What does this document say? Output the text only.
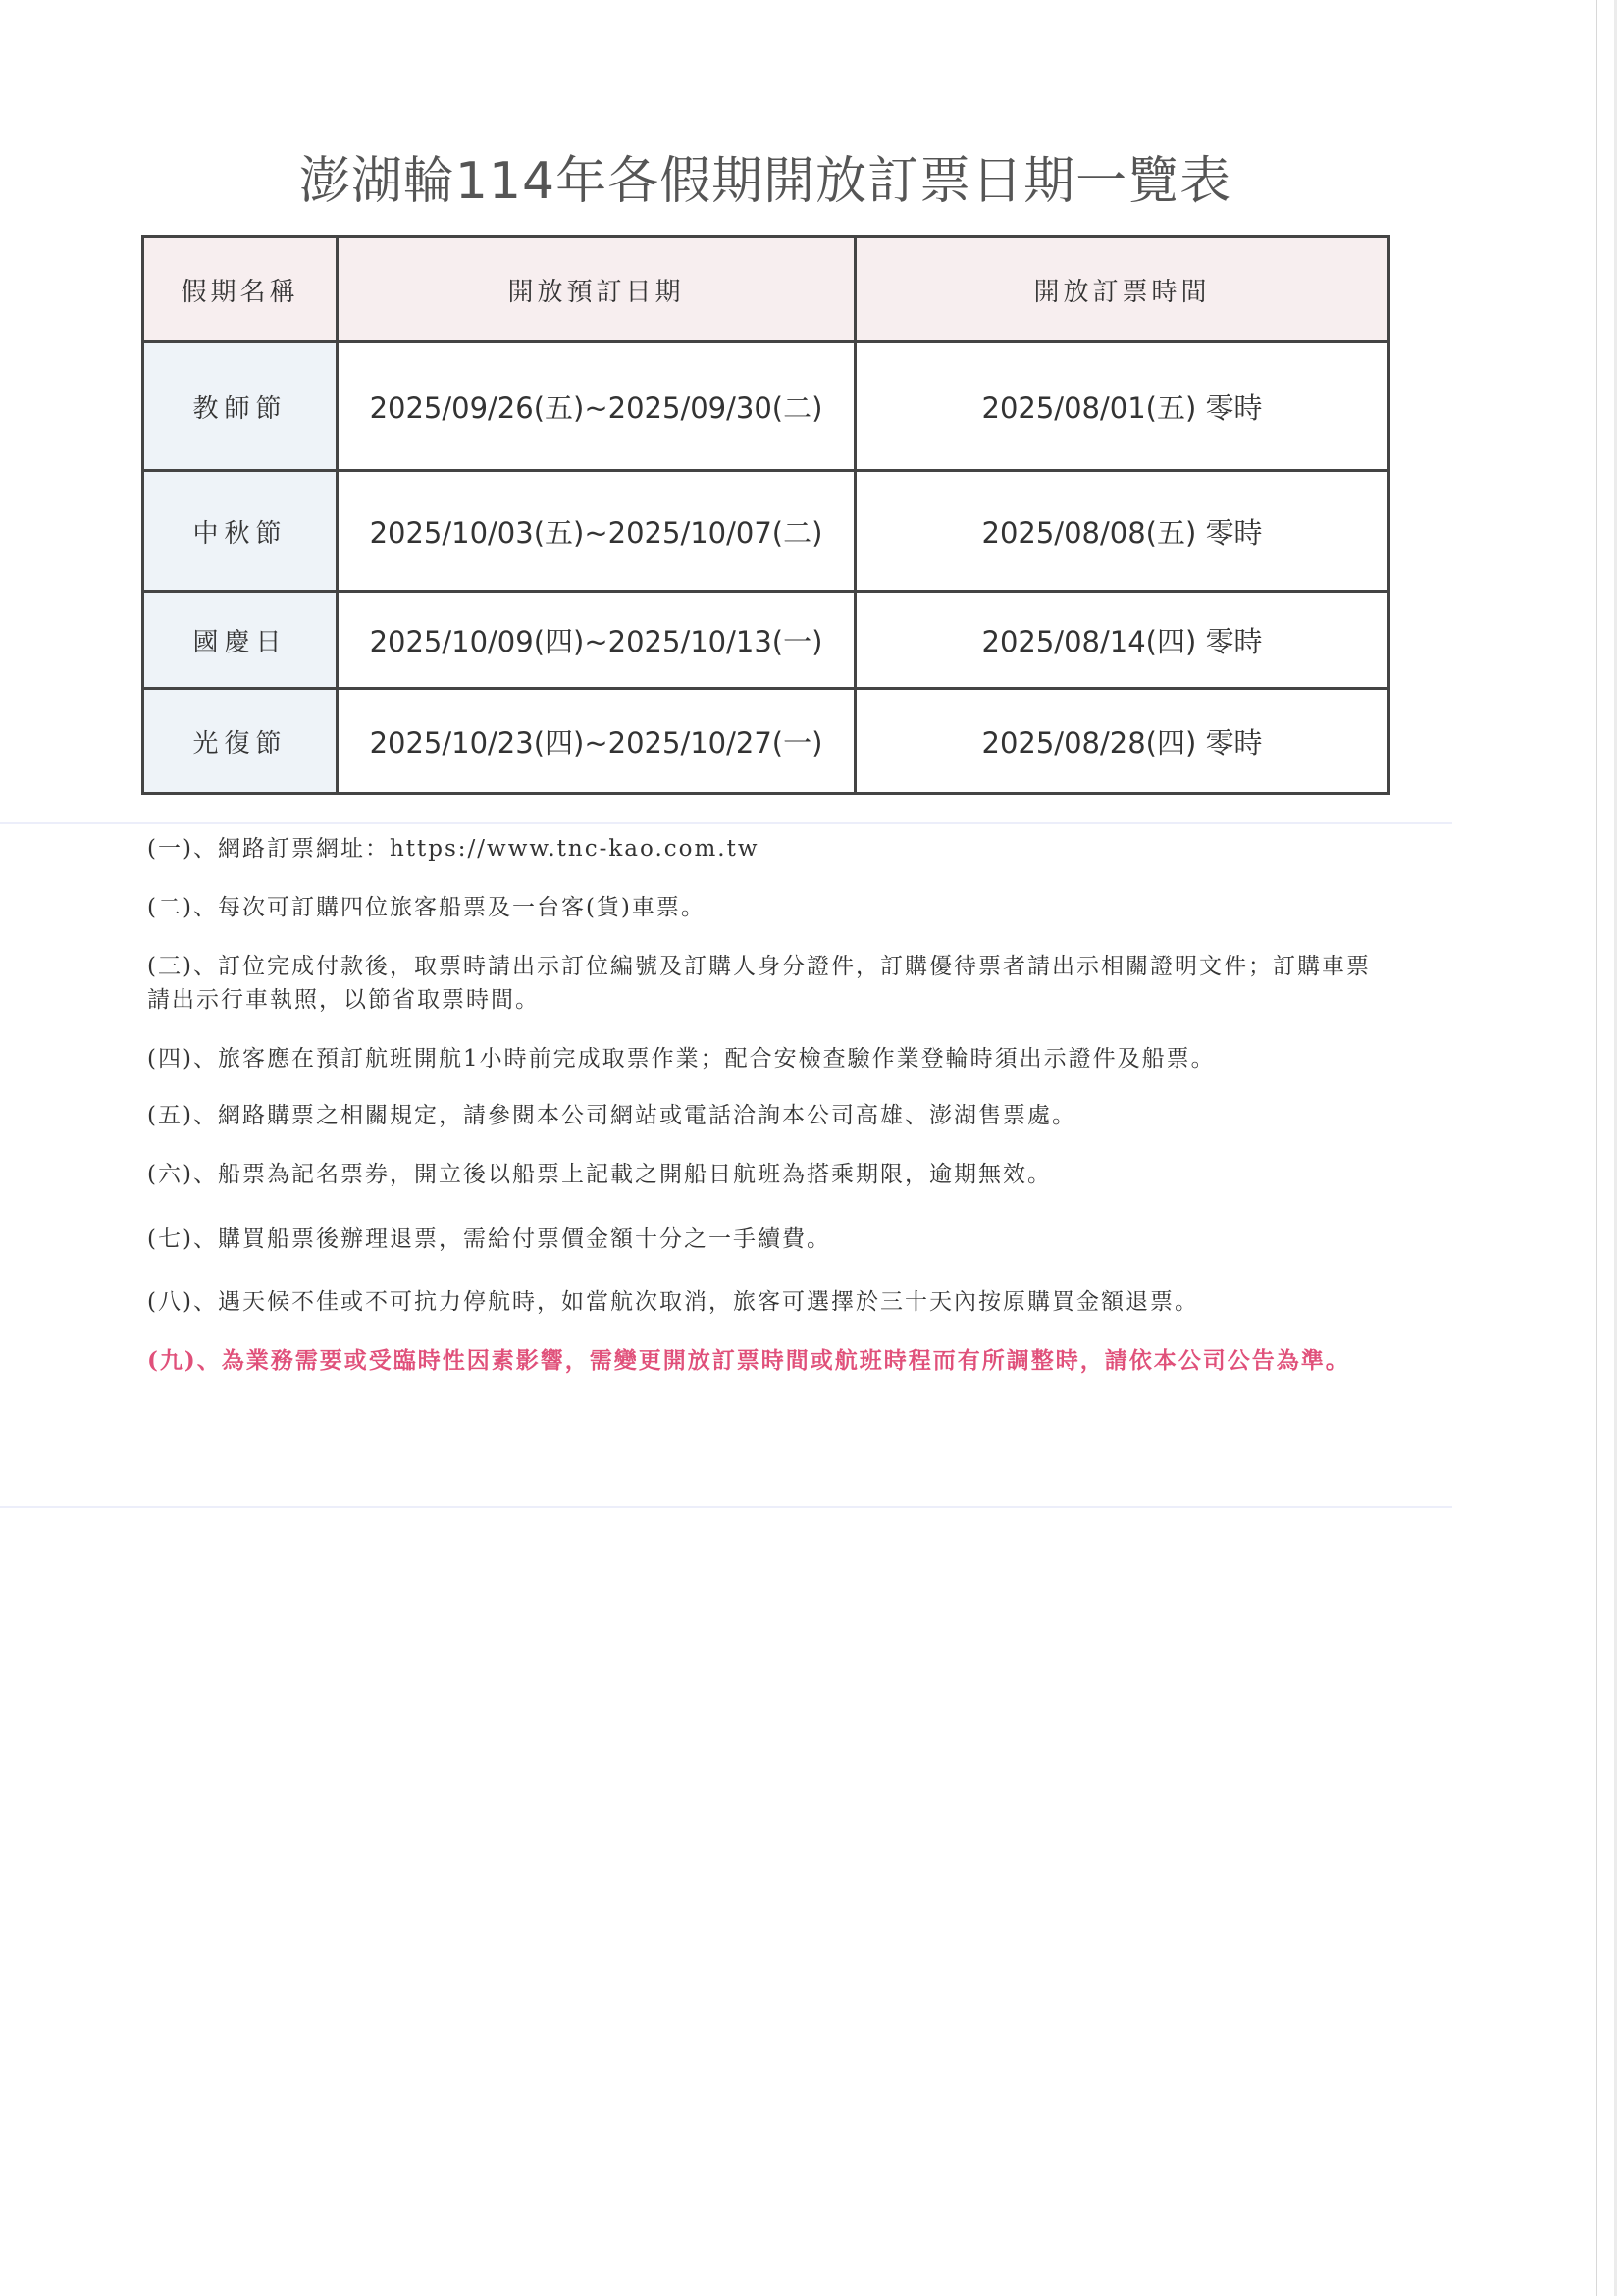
澎湖輪114年各假期開放訂票日期一覽表
假期名稱	開放預訂日期	開放訂票時間
教師節	2025/09/26(五)~2025/09/30(二)	2025/08/01(五) 零時
中秋節	2025/10/03(五)~2025/10/07(二)	2025/08/08(五) 零時
國慶日	2025/10/09(四)~2025/10/13(一)	2025/08/14(四) 零時
光復節	2025/10/23(四)~2025/10/27(一)	2025/08/28(四) 零時

(一)、網路訂票網址：https://www.tnc-kao.com.tw

(二)、每次可訂購四位旅客船票及一台客(貨)車票。

(三)、訂位完成付款後，取票時請出示訂位編號及訂購人身分證件，訂購優待票者請出示相關證明文件；訂購車票請出示行車執照，以節省取票時間。

(四)、旅客應在預訂航班開航1小時前完成取票作業；配合安檢查驗作業登輪時須出示證件及船票。

(五)、網路購票之相關規定，請參閱本公司網站或電話洽詢本公司高雄、澎湖售票處。

(六)、船票為記名票券，開立後以船票上記載之開船日航班為搭乘期限，逾期無效。

(七)、購買船票後辦理退票，需給付票價金額十分之一手續費。

(八)、遇天候不佳或不可抗力停航時，如當航次取消，旅客可選擇於三十天內按原購買金額退票。

(九)、為業務需要或受臨時性因素影響，需變更開放訂票時間或航班時程而有所調整時，請依本公司公告為準。
